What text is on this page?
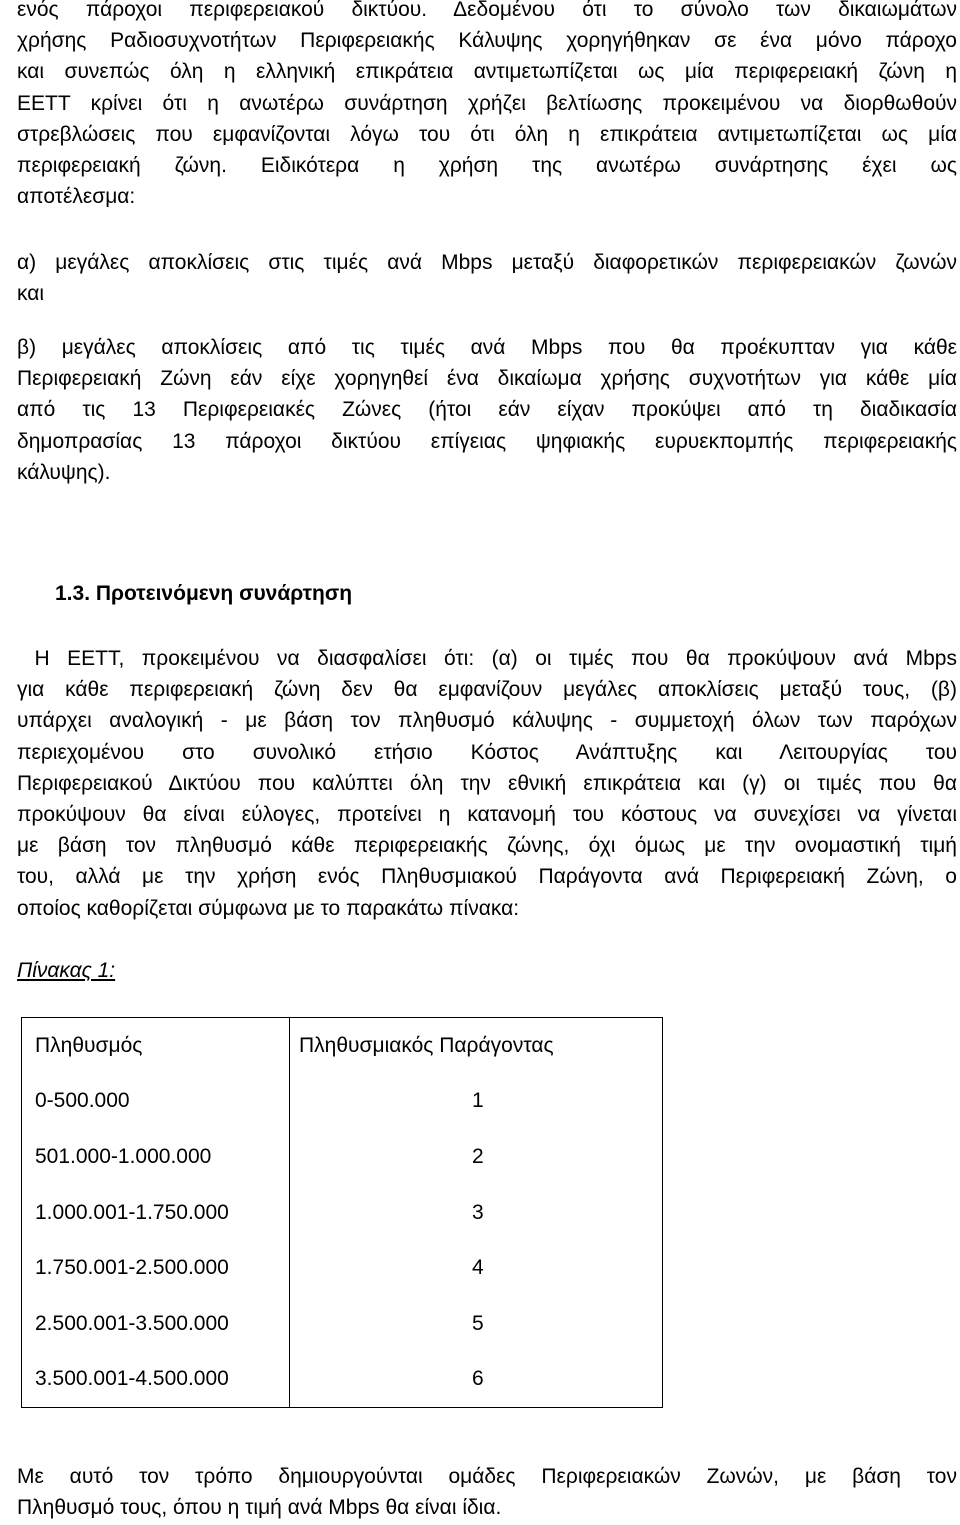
ενός πάροχοι περιφερειακού δικτύου. Δεδομένου ότι το σύνολο των δικαιωμάτων
χρήσης Ραδιοσυχνοτήτων Περιφερειακής Κάλυψης χορηγήθηκαν σε ένα μόνο πάροχο
και συνεπώς όλη η ελληνική επικράτεια αντιμετωπίζεται ως μία περιφερειακή ζώνη η
ΕΕΤΤ κρίνει ότι η ανωτέρω συνάρτηση χρήζει βελτίωσης προκειμένου να διορθωθούν
στρεβλώσεις που εμφανίζονται λόγω του ότι όλη η επικράτεια αντιμετωπίζεται ως μία
περιφερειακή ζώνη. Ειδικότερα η χρήση της ανωτέρω συνάρτησης έχει ως
αποτέλεσμα:

α) μεγάλες αποκλίσεις στις τιμές ανά Mbps μεταξύ διαφορετικών περιφερειακών ζωνών
και

β) μεγάλες αποκλίσεις από τις τιμές ανά Mbps που θα προέκυπταν για κάθε
Περιφερειακή Ζώνη εάν είχε χορηγηθεί ένα δικαίωμα χρήσης συχνοτήτων για κάθε μία
από τις 13 Περιφερειακές Ζώνες (ήτοι εάν είχαν προκύψει από τη διαδικασία
δημοπρασίας 13 πάροχοι δικτύου επίγειας ψηφιακής ευρυεκπομπής περιφερειακής
κάλυψης).

1.3. Προτεινόμενη συνάρτηση

Η ΕΕΤΤ, προκειμένου να διασφαλίσει ότι: (α) οι τιμές που θα προκύψουν ανά Mbps
για κάθε περιφερειακή ζώνη δεν θα εμφανίζουν μεγάλες αποκλίσεις μεταξύ τους, (β)
υπάρχει αναλογική - με βάση τον πληθυσμό κάλυψης - συμμετοχή όλων των παρόχων
περιεχομένου στο συνολικό ετήσιο Κόστος Ανάπτυξης και Λειτουργίας του
Περιφερειακού Δικτύου που καλύπτει όλη την εθνική επικράτεια και (γ) οι τιμές που θα
προκύψουν θα είναι εύλογες, προτείνει η κατανομή του κόστους να συνεχίσει να γίνεται
με βάση τον πληθυσμό κάθε περιφερειακής ζώνης, όχι όμως με την ονομαστική τιμή
του, αλλά με την χρήση ενός Πληθυσμιακού Παράγοντα ανά Περιφερειακή Ζώνη, ο
οποίος καθορίζεται σύμφωνα με το παρακάτω πίνακα:

Πίνακας 1:

Πληθυσμός	Πληθυσμιακός Παράγοντας
0-500.000	1
501.000-1.000.000	2
1.000.001-1.750.000	3
1.750.001-2.500.000	4
2.500.001-3.500.000	5
3.500.001-4.500.000	6

Με αυτό τον τρόπο δημιουργούνται ομάδες Περιφερειακών Ζωνών, με βάση τον
Πληθυσμό τους, όπου η τιμή ανά Mbps θα είναι ίδια.
